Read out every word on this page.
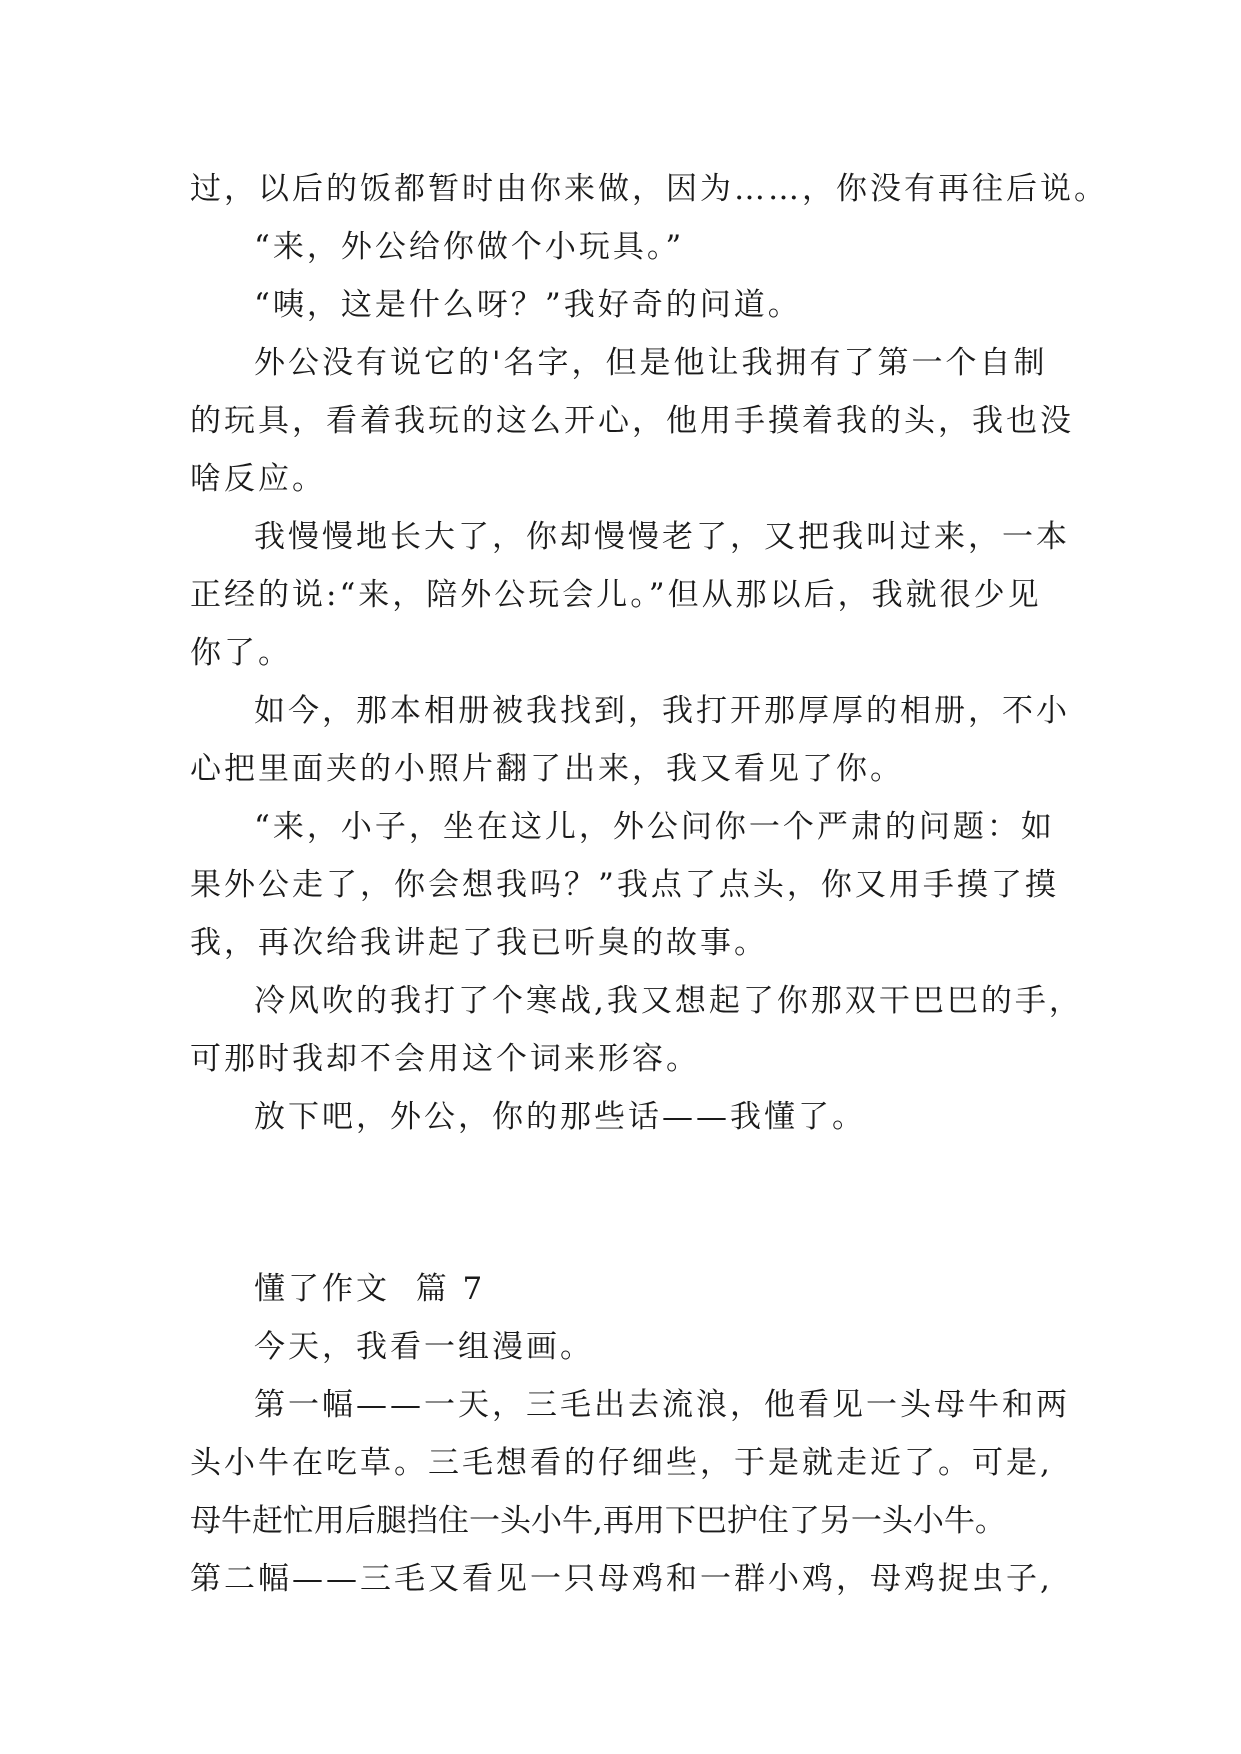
过，以后的饭都暂时由你来做，因为……，你没有再往后说。
“来，外公给你做个小玩具。”
“咦，这是什么呀？”我好奇的问道。
外公没有说它的'名字，但是他让我拥有了第一个自制
的玩具，看着我玩的这么开心，他用手摸着我的头，我也没
啥反应。
我慢慢地长大了，你却慢慢老了，又把我叫过来，一本
正经的说:“来，陪外公玩会儿。”但从那以后，我就很少见
你了。
如今，那本相册被我找到，我打开那厚厚的相册，不小
心把里面夹的小照片翻了出来，我又看见了你。
“来，小子，坐在这儿，外公问你一个严肃的问题：如
果外公走了，你会想我吗？”我点了点头，你又用手摸了摸
我，再次给我讲起了我已听臭的故事。
冷风吹的我打了个寒战,我又想起了你那双干巴巴的手，
可那时我却不会用这个词来形容。
放下吧，外公，你的那些话——我懂了。
懂了作文  篇 7
今天，我看一组漫画。
第一幅——一天，三毛出去流浪，他看见一头母牛和两
头小牛在吃草。三毛想看的仔细些，于是就走近了。可是,
母牛赶忙用后腿挡住一头小牛,再用下巴护住了另一头小牛。
第二幅——三毛又看见一只母鸡和一群小鸡，母鸡捉虫子,
